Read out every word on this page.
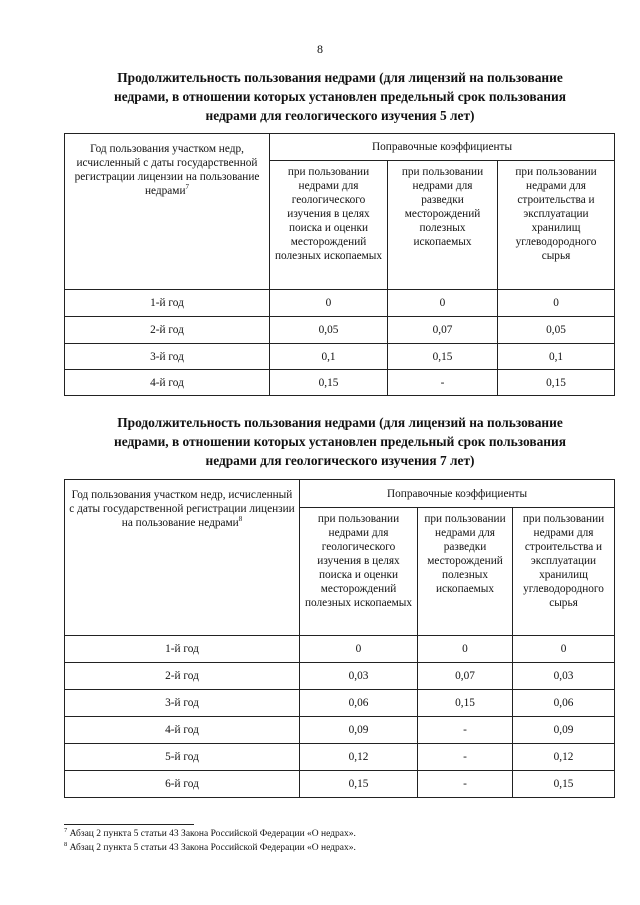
8
Продолжительность пользования недрами (для лицензий на пользование
недрами, в отношении которых установлен предельный срок пользования
недрами для геологического изучения 5 лет)
Год пользования участком недр, исчисленный с даты государственной регистрации лицензии на пользование недрами$^7$	Поправочные коэффициенты		
	при пользовании недрами для геологического изучения в целях поиска и оценки месторождений полезных ископаемых	при пользовании недрами для разведки месторождений полезных ископаемых	при пользовании недрами для строительства и эксплуатации хранилищ углеводородного сырья
1-й год	0	0	0
2-й год	0,05	0,07	0,05
3-й год	0,1	0,15	0,1
4-й год	0,15	-	0,15
Продолжительность пользования недрами (для лицензий на пользование
недрами, в отношении которых установлен предельный срок пользования
недрами для геологического изучения 7 лет)
Год пользования участком недр, исчисленный с даты государственной регистрации лицензии на пользование недрами$^8$	Поправочные коэффициенты		
	при пользовании недрами для геологического изучения в целях поиска и оценки месторождений полезных ископаемых	при пользовании недрами для разведки месторождений полезных ископаемых	при пользовании недрами для строительства и эксплуатации хранилищ углеводородного сырья
1-й год	0	0	0
2-й год	0,03	0,07	0,03
3-й год	0,06	0,15	0,06
4-й год	0,09	-	0,09
5-й год	0,12	-	0,12
6-й год	0,15	-	0,15
$^7$ Абзац 2 пункта 5 статьи 43 Закона Российской Федерации «О недрах».
$^8$ Абзац 2 пункта 5 статьи 43 Закона Российской Федерации «О недрах».
